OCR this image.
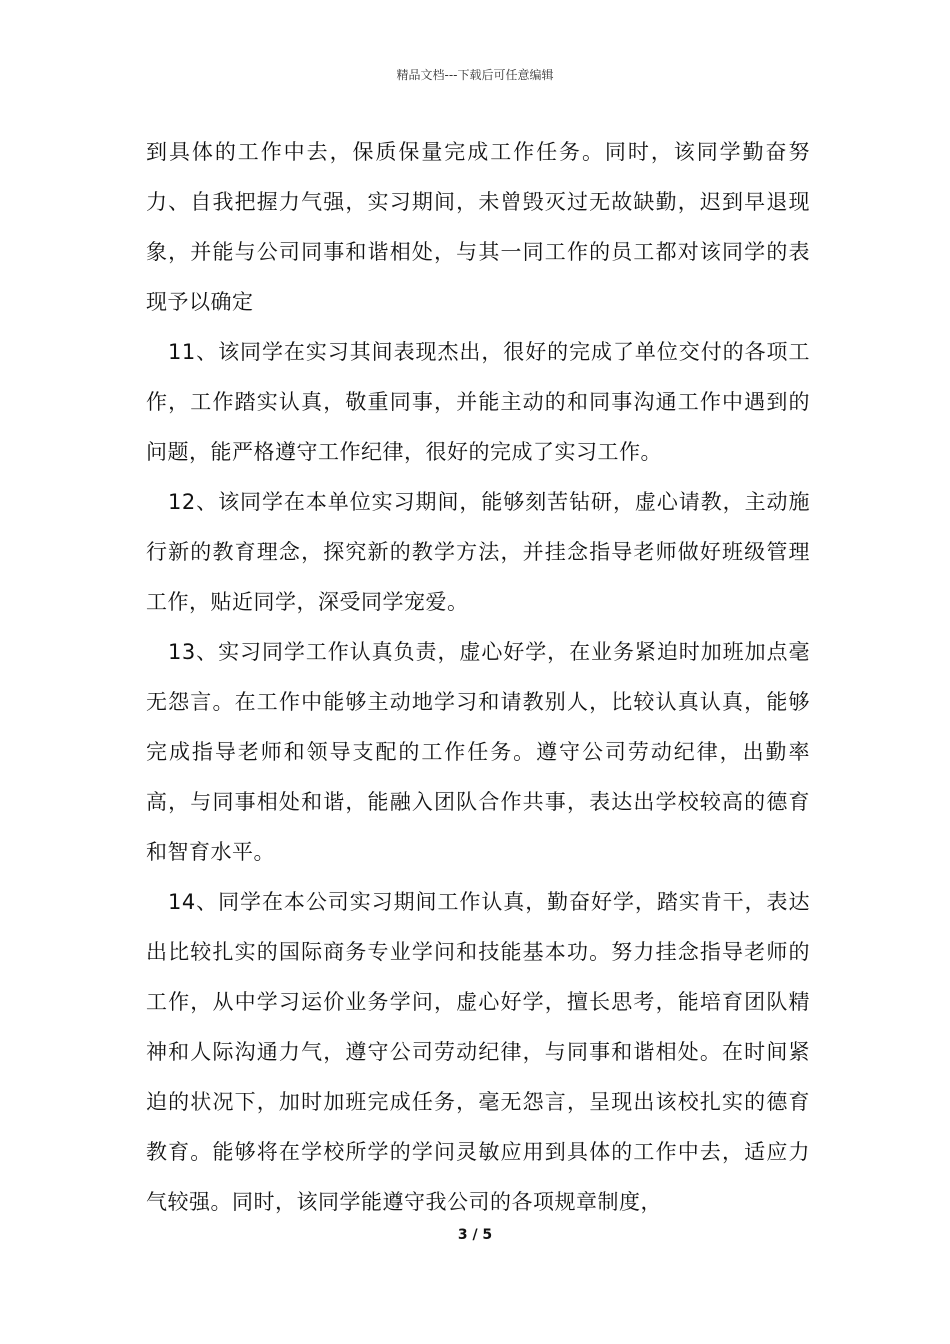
精品文档---下载后可任意编辑

到具体的工作中去，保质保量完成工作任务。同时，该同学勤奋努力、自我把握力气强，实习期间，未曾毁灭过无故缺勤，迟到早退现象，并能与公司同事和谐相处，与其一同工作的员工都对该同学的表现予以确定

11、该同学在实习其间表现杰出，很好的完成了单位交付的各项工作，工作踏实认真，敬重同事，并能主动的和同事沟通工作中遇到的问题，能严格遵守工作纪律，很好的完成了实习工作。

12、该同学在本单位实习期间，能够刻苦钻研，虚心请教，主动施行新的教育理念，探究新的教学方法，并挂念指导老师做好班级管理工作，贴近同学，深受同学宠爱。

13、实习同学工作认真负责，虚心好学，在业务紧迫时加班加点毫无怨言。在工作中能够主动地学习和请教别人，比较认真认真，能够完成指导老师和领导支配的工作任务。遵守公司劳动纪律，出勤率高，与同事相处和谐，能融入团队合作共事，表达出学校较高的德育和智育水平。

14、同学在本公司实习期间工作认真，勤奋好学，踏实肯干，表达出比较扎实的国际商务专业学问和技能基本功。努力挂念指导老师的工作，从中学习运价业务学问，虚心好学，擅长思考，能培育团队精神和人际沟通力气，遵守公司劳动纪律，与同事和谐相处。在时间紧迫的状况下，加时加班完成任务，毫无怨言，呈现出该校扎实的德育教育。能够将在学校所学的学问灵敏应用到具体的工作中去，适应力气较强。同时，该同学能遵守我公司的各项规章制度，

3 / 5
